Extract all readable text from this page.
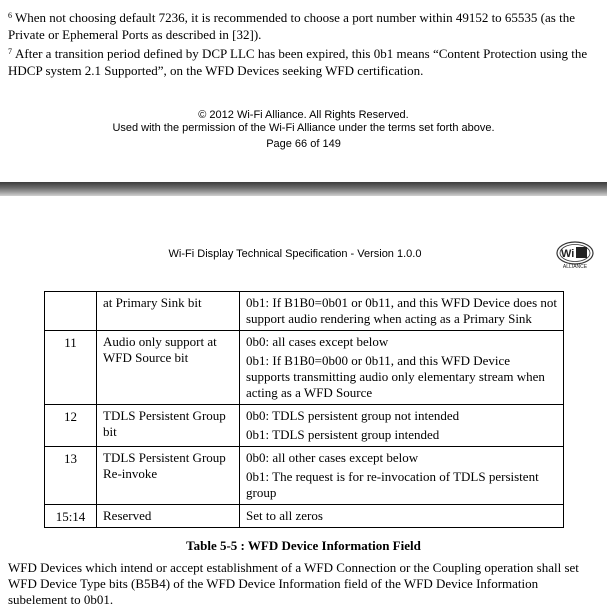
$^6$ When not choosing default 7236, it is recommended to choose a port number within 49152 to 65535 (as the Private or Ephemeral Ports as described in [32]).
$^7$ After a transition period defined by DCP LLC has been expired, this 0b1 means “Content Protection using the HDCP system 2.1 Supported”, on the WFD Devices seeking WFD certification.
© 2012 Wi-Fi Alliance. All Rights Reserved.
Used with the permission of the Wi-Fi Alliance under the terms set forth above.
Page 66 of 149
Wi-Fi Display Technical Specification - Version 1.0.0	Wi Fi
ALLIANCE
	at Primary Sink bit	0b1: If B1B0=0b01 or 0b11, and this WFD Device does not support audio rendering when acting as a Primary Sink

11	Audio only support at WFD Source bit	0b0: all cases except below
0b1: If B1B0=0b00 or 0b11, and this WFD Device supports transmitting audio only elementary stream when acting as a WFD Source

12	TDLS Persistent Group bit	0b0: TDLS persistent group not intended
0b1: TDLS persistent group intended

13	TDLS Persistent Group Re-invoke	0b0: all other cases except below
0b1: The request is for re-invocation of TDLS persistent group

15:14	Reserved	Set to all zeros
Table 5-5 : WFD Device Information Field
WFD Devices which intend or accept establishment of a WFD Connection or the Coupling operation shall set WFD Device Type bits (B5B4) of the WFD Device Information field of the WFD Device Information subelement to 0b01.
